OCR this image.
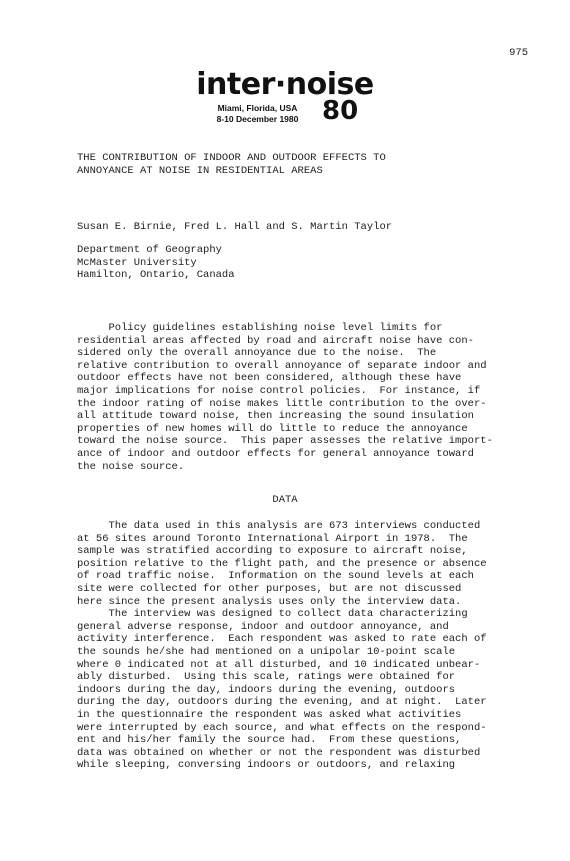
975
inter·noise
Miami, Florida, USA
8-10 December 1980 80
THE CONTRIBUTION OF INDOOR AND OUTDOOR EFFECTS TO
ANNOYANCE AT NOISE IN RESIDENTIAL AREAS
Susan E. Birnie, Fred L. Hall and S. Martin Taylor
Department of Geography
McMaster University
Hamilton, Ontario, Canada
Policy guidelines establishing noise level limits for
residential areas affected by road and aircraft noise have con-
sidered only the overall annoyance due to the noise.  The
relative contribution to overall annoyance of separate indoor and
outdoor effects have not been considered, although these have
major implications for noise control policies.  For instance, if
the indoor rating of noise makes little contribution to the over-
all attitude toward noise, then increasing the sound insulation
properties of new homes will do little to reduce the annoyance
toward the noise source.  This paper assesses the relative import-
ance of indoor and outdoor effects for general annoyance toward
the noise source.
DATA
The data used in this analysis are 673 interviews conducted
at 56 sites around Toronto International Airport in 1978.  The
sample was stratified according to exposure to aircraft noise,
position relative to the flight path, and the presence or absence
of road traffic noise.  Information on the sound levels at each
site were collected for other purposes, but are not discussed
here since the present analysis uses only the interview data.
The interview was designed to collect data characterizing
general adverse response, indoor and outdoor annoyance, and
activity interference.  Each respondent was asked to rate each of
the sounds he/she had mentioned on a unipolar 10-point scale
where 0 indicated not at all disturbed, and 10 indicated unbear-
ably disturbed.  Using this scale, ratings were obtained for
indoors during the day, indoors during the evening, outdoors
during the day, outdoors during the evening, and at night.  Later
in the questionnaire the respondent was asked what activities
were interrupted by each source, and what effects on the respond-
ent and his/her family the source had.  From these questions,
data was obtained on whether or not the respondent was disturbed
while sleeping, conversing indoors or outdoors, and relaxing
